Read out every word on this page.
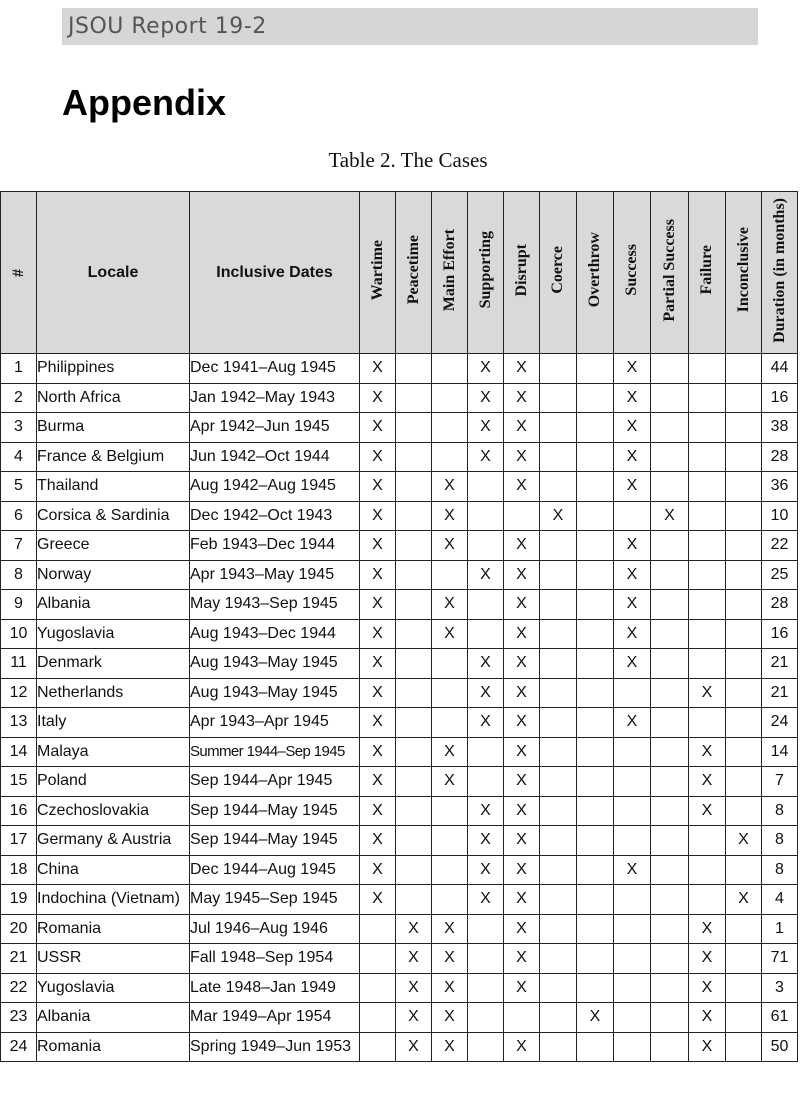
JSOU Report 19-2
Appendix
Table 2. The Cases
#	Locale	Inclusive Dates	Wartime	Peacetime	Main Effort	Supporting	Disrupt	Coerce	Overthrow	Success	Partial Success	Failure	Inconclusive	Duration (in months)
1	Philippines	Dec 1941–Aug 1945	X			X	X			X				44
2	North Africa	Jan 1942–May 1943	X			X	X			X				16
3	Burma	Apr 1942–Jun 1945	X			X	X			X				38
4	France & Belgium	Jun 1942–Oct 1944	X			X	X			X				28
5	Thailand	Aug 1942–Aug 1945	X		X		X			X				36
6	Corsica & Sardinia	Dec 1942–Oct 1943	X		X			X			X			10
7	Greece	Feb 1943–Dec 1944	X		X		X			X				22
8	Norway	Apr 1943–May 1945	X			X	X			X				25
9	Albania	May 1943–Sep 1945	X		X		X			X				28
10	Yugoslavia	Aug 1943–Dec 1944	X		X		X			X				16
11	Denmark	Aug 1943–May 1945	X			X	X			X				21
12	Netherlands	Aug 1943–May 1945	X			X	X					X		21
13	Italy	Apr 1943–Apr 1945	X			X	X			X				24
14	Malaya	Summer 1944–Sep 1945	X		X		X					X		14
15	Poland	Sep 1944–Apr 1945	X		X		X					X		7
16	Czechoslovakia	Sep 1944–May 1945	X			X	X					X		8
17	Germany & Austria	Sep 1944–May 1945	X			X	X						X	8
18	China	Dec 1944–Aug 1945	X			X	X			X				8
19	Indochina (Vietnam)	May 1945–Sep 1945	X			X	X						X	4
20	Romania	Jul 1946–Aug 1946		X	X		X					X		1
21	USSR	Fall 1948–Sep 1954		X	X		X					X		71
22	Yugoslavia	Late 1948–Jan 1949		X	X		X					X		3
23	Albania	Mar 1949–Apr 1954		X	X				X			X		61
24	Romania	Spring 1949–Jun 1953		X	X		X					X		50
